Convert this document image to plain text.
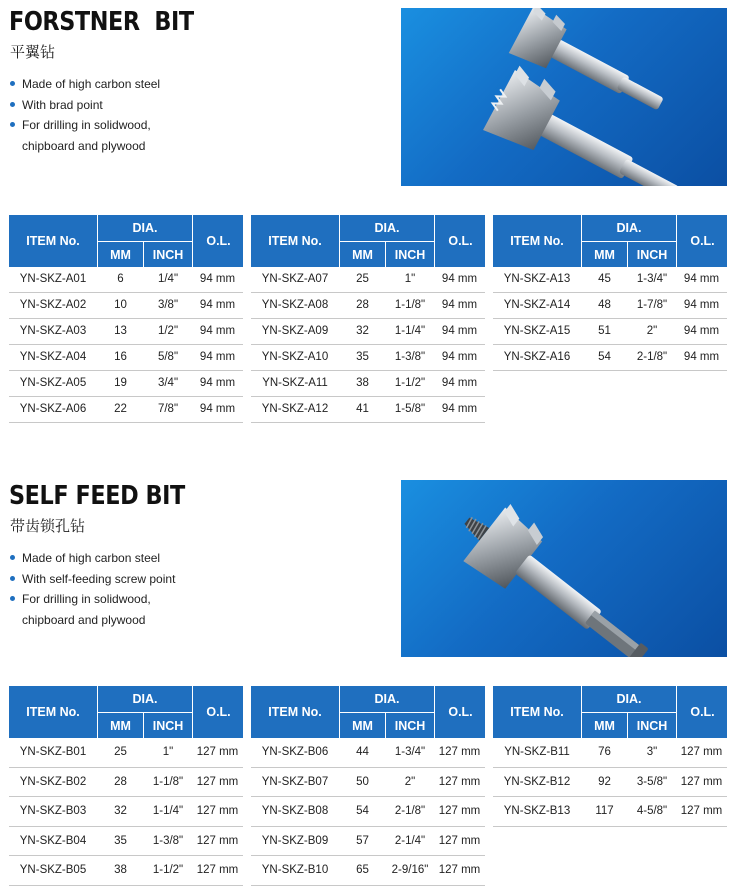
FORSTNER  BIT
平翼钻
Made of high carbon steel
With brad point
For drilling in solidwood,
chipboard and plywood
ITEM No.
DIA.
MM	INCH
O.L.
YN-SKZ-A01	6	1/4"	94 mm
YN-SKZ-A02	10	3/8"	94 mm
YN-SKZ-A03	13	1/2"	94 mm
YN-SKZ-A04	16	5/8"	94 mm
YN-SKZ-A05	19	3/4"	94 mm
YN-SKZ-A06	22	7/8"	94 mm
ITEM No.
DIA.
MM	INCH
O.L.
YN-SKZ-A07	25	1"	94 mm
YN-SKZ-A08	28	1-1/8"	94 mm
YN-SKZ-A09	32	1-1/4"	94 mm
YN-SKZ-A10	35	1-3/8"	94 mm
YN-SKZ-A11	38	1-1/2"	94 mm
YN-SKZ-A12	41	1-5/8"	94 mm
ITEM No.
DIA.
MM	INCH
O.L.
YN-SKZ-A13	45	1-3/4"	94 mm
YN-SKZ-A14	48	1-7/8"	94 mm
YN-SKZ-A15	51	2"	94 mm
YN-SKZ-A16	54	2-1/8"	94 mm
SELF FEED BIT
带齿锁孔钻
Made of high carbon steel
With self-feeding screw point
For drilling in solidwood,
chipboard and plywood
ITEM No.
DIA.
MM	INCH
O.L.
YN-SKZ-B01	25	1"	127 mm
YN-SKZ-B02	28	1-1/8"	127 mm
YN-SKZ-B03	32	1-1/4"	127 mm
YN-SKZ-B04	35	1-3/8"	127 mm
YN-SKZ-B05	38	1-1/2"	127 mm
ITEM No.
DIA.
MM	INCH
O.L.
YN-SKZ-B06	44	1-3/4"	127 mm
YN-SKZ-B07	50	2"	127 mm
YN-SKZ-B08	54	2-1/8"	127 mm
YN-SKZ-B09	57	2-1/4"	127 mm
YN-SKZ-B10	65	2-9/16" 127 mm
ITEM No.
DIA.
MM	INCH
O.L.
YN-SKZ-B11	76	3"	127 mm
YN-SKZ-B12	92	3-5/8"	127 mm
YN-SKZ-B13	117	4-5/8"	127 mm
